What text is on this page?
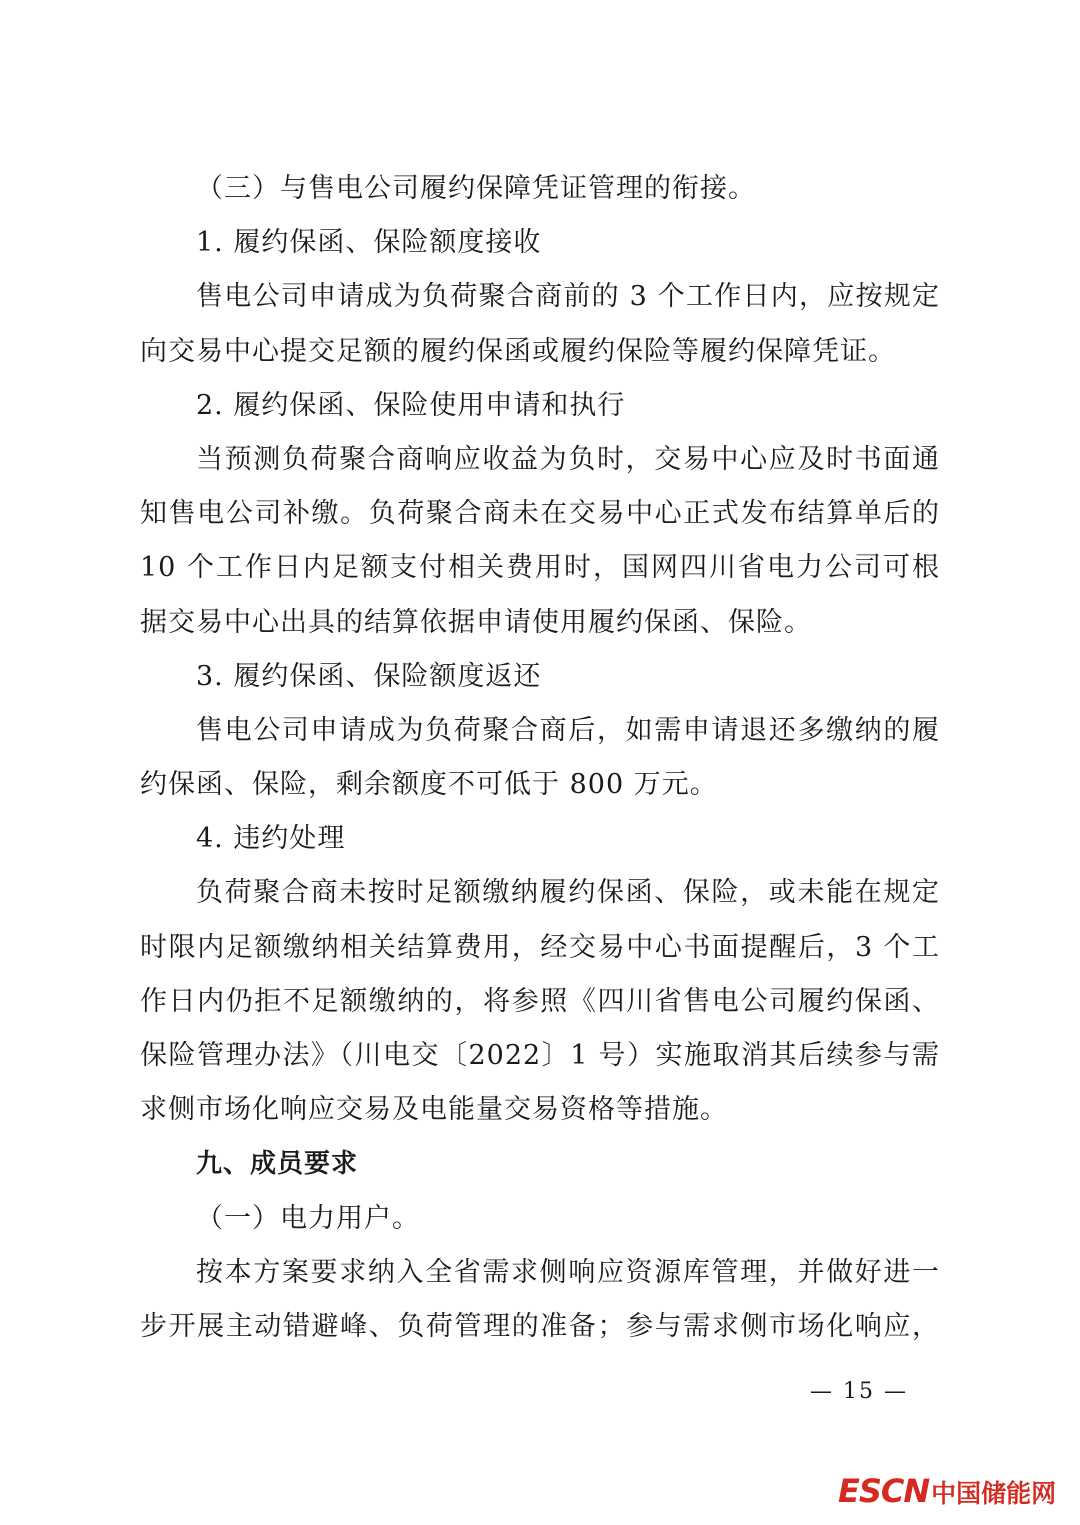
（三）与售电公司履约保障凭证管理的衔接。
1. 履约保函、保险额度接收
售电公司申请成为负荷聚合商前的 3 个工作日内，应按规定
向交易中心提交足额的履约保函或履约保险等履约保障凭证。
2. 履约保函、保险使用申请和执行
当预测负荷聚合商响应收益为负时，交易中心应及时书面通
知售电公司补缴。负荷聚合商未在交易中心正式发布结算单后的
10 个工作日内足额支付相关费用时，国网四川省电力公司可根
据交易中心出具的结算依据申请使用履约保函、保险。
3. 履约保函、保险额度返还
售电公司申请成为负荷聚合商后，如需申请退还多缴纳的履
约保函、保险，剩余额度不可低于 800 万元。
4. 违约处理
负荷聚合商未按时足额缴纳履约保函、保险，或未能在规定
时限内足额缴纳相关结算费用，经交易中心书面提醒后，3 个工
作日内仍拒不足额缴纳的，将参照《四川省售电公司履约保函、
保险管理办法》（川电交〔2022〕1 号）实施取消其后续参与需
求侧市场化响应交易及电能量交易资格等措施。
九、成员要求
（一）电力用户。
按本方案要求纳入全省需求侧响应资源库管理，并做好进一
步开展主动错避峰、负荷管理的准备；参与需求侧市场化响应，
— 15 —
ESCN中国储能网
